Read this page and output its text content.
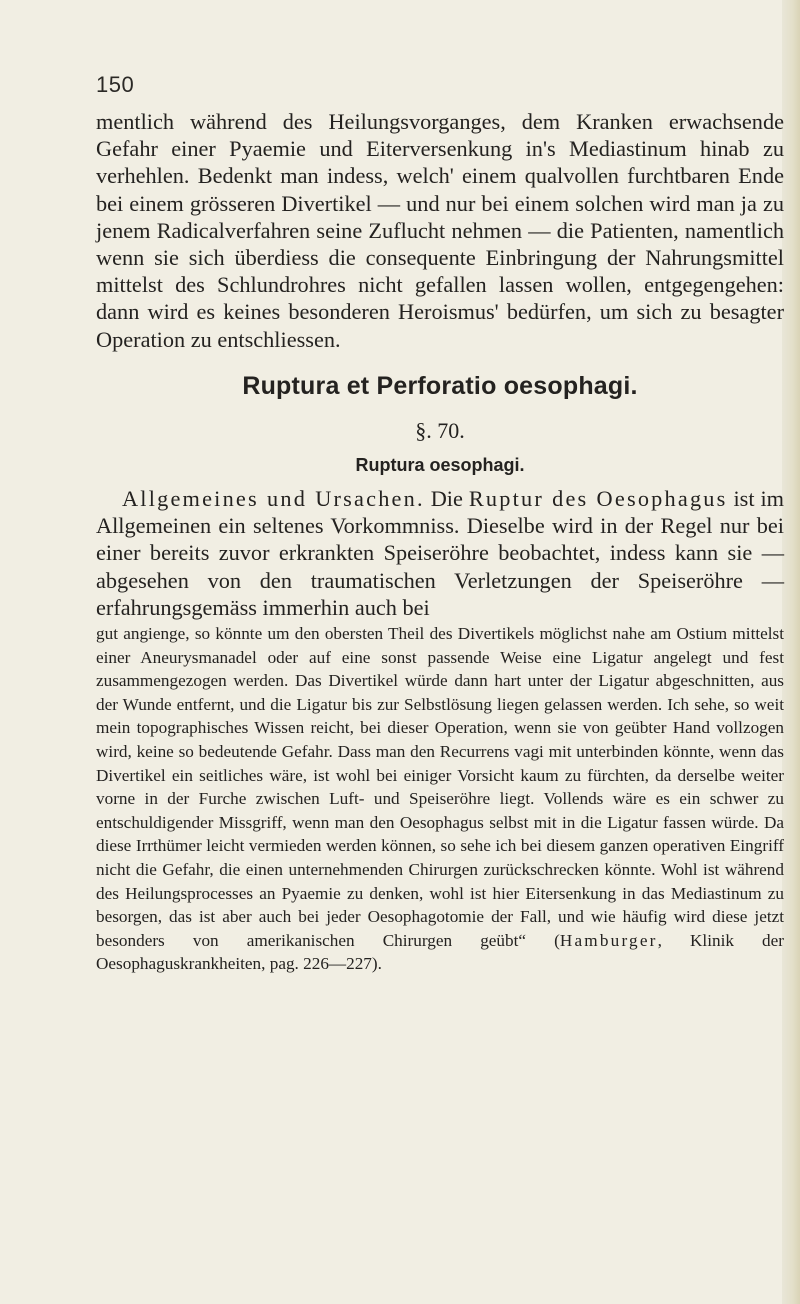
150

mentlich während des Heilungsvorganges, dem Kranken erwachsende Gefahr einer Pyaemie und Eiterversenkung in's Mediastinum hinab zu verhehlen. Bedenkt man indess, welch' einem qualvollen furchtbaren Ende bei einem grösseren Divertikel — und nur bei einem solchen wird man ja zu jenem Radicalverfahren seine Zuflucht nehmen — die Patienten, namentlich wenn sie sich überdiess die consequente Einbringung der Nahrungsmittel mittelst des Schlundrohres nicht gefallen lassen wollen, entgegengehen: dann wird es keines besonderen Heroismus' bedürfen, um sich zu besagter Operation zu entschliessen.

Ruptura et Perforatio oesophagi.
§. 70.
Ruptura oesophagi.

Allgemeines und Ursachen. Die Ruptur des Oesophagus ist im Allgemeinen ein seltenes Vorkommniss. Dieselbe wird in der Regel nur bei einer bereits zuvor erkrankten Speiseröhre beobachtet, indess kann sie — abgesehen von den traumatischen Verletzungen der Speiseröhre — erfahrungsgemäss immerhin auch bei

gut angienge, so könnte um den obersten Theil des Divertikels möglichst nahe am Ostium mittelst einer Aneurysmanadel oder auf eine sonst passende Weise eine Ligatur angelegt und fest zusammengezogen werden. Das Divertikel würde dann hart unter der Ligatur abgeschnitten, aus der Wunde entfernt, und die Ligatur bis zur Selbstlösung liegen gelassen werden. Ich sehe, so weit mein topographisches Wissen reicht, bei dieser Operation, wenn sie von geübter Hand vollzogen wird, keine so bedeutende Gefahr. Dass man den Recurrens vagi mit unterbinden könnte, wenn das Divertikel ein seitliches wäre, ist wohl bei einiger Vorsicht kaum zu fürchten, da derselbe weiter vorne in der Furche zwischen Luft- und Speiseröhre liegt. Vollends wäre es ein schwer zu entschuldigender Missgriff, wenn man den Oesophagus selbst mit in die Ligatur fassen würde. Da diese Irrthümer leicht vermieden werden können, so sehe ich bei diesem ganzen operativen Eingriff nicht die Gefahr, die einen unternehmenden Chirurgen zurückschrecken könnte. Wohl ist während des Heilungsprocesses an Pyaemie zu denken, wohl ist hier Eitersenkung in das Mediastinum zu besorgen, das ist aber auch bei jeder Oesophagotomie der Fall, und wie häufig wird diese jetzt besonders von amerikanischen Chirurgen geübt“ (Hamburger, Klinik der Oesophaguskrankheiten, pag. 226—227).
